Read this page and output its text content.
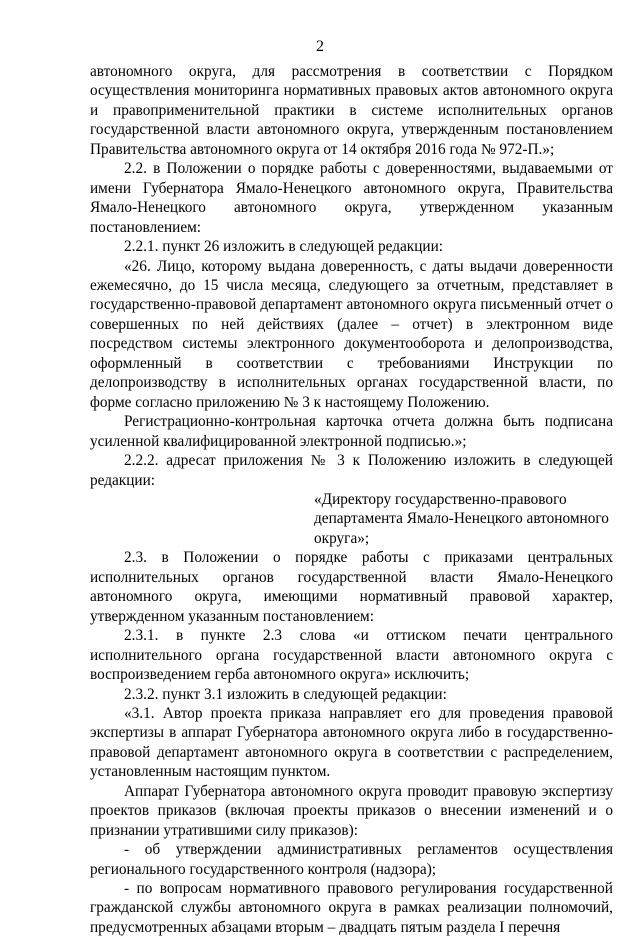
2

автономного округа, для рассмотрения в соответствии с Порядком осуществления мониторинга нормативных правовых актов автономного округа и правоприменительной практики в системе исполнительных органов государственной власти автономного округа, утвержденным постановлением Правительства автономного округа от 14 октября 2016 года № 972-П.»;

2.2. в Положении о порядке работы с доверенностями, выдаваемыми от имени Губернатора Ямало-Ненецкого автономного округа, Правительства Ямало-Ненецкого автономного округа, утвержденном указанным постановлением:

2.2.1. пункт 26 изложить в следующей редакции:

«26. Лицо, которому выдана доверенность, с даты выдачи доверенности ежемесячно, до 15 числа месяца, следующего за отчетным, представляет в государственно-правовой департамент автономного округа письменный отчет о совершенных по ней действиях (далее – отчет) в электронном виде посредством системы электронного документооборота и делопроизводства, оформленный в соответствии с требованиями Инструкции по делопроизводству в исполнительных органах государственной власти, по форме согласно приложению № 3 к настоящему Положению.

Регистрационно-контрольная карточка отчета должна быть подписана усиленной квалифицированной электронной подписью.»;

2.2.2. адресат приложения № 3 к Положению изложить в следующей редакции:

«Директору государственно-правового департамента Ямало-Ненецкого автономного округа»;

2.3. в Положении о порядке работы с приказами центральных исполнительных органов государственной власти Ямало-Ненецкого автономного округа, имеющими нормативный правовой характер, утвержденном указанным постановлением:

2.3.1. в пункте 2.3 слова «и оттиском печати центрального исполнительного органа государственной власти автономного округа с воспроизведением герба автономного округа» исключить;

2.3.2. пункт 3.1 изложить в следующей редакции:

«3.1. Автор проекта приказа направляет его для проведения правовой экспертизы в аппарат Губернатора автономного округа либо в государственно-правовой департамент автономного округа в соответствии с распределением, установленным настоящим пунктом.

Аппарат Губернатора автономного округа проводит правовую экспертизу проектов приказов (включая проекты приказов о внесении изменений и о признании утратившими силу приказов):

- об утверждении административных регламентов осуществления регионального государственного контроля (надзора);

- по вопросам нормативного правового регулирования государственной гражданской службы автономного округа в рамках реализации полномочий, предусмотренных абзацами вторым – двадцать пятым раздела I перечня
